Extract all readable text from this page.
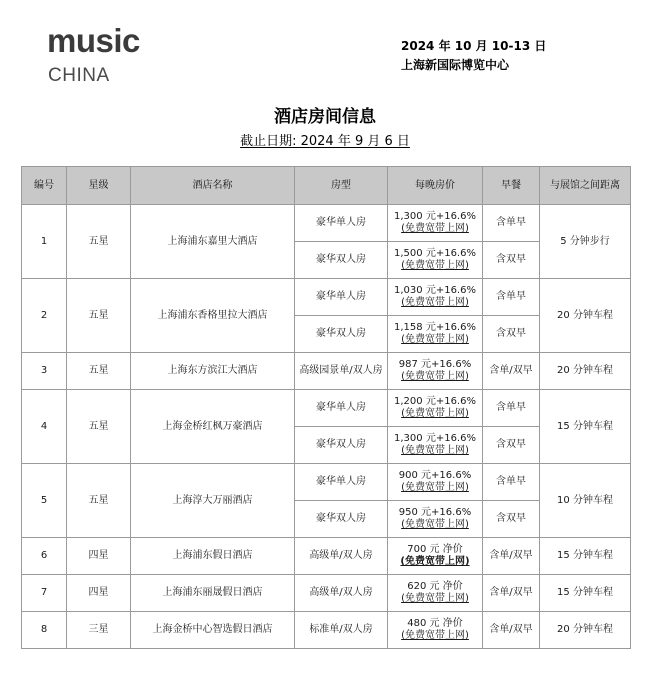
music
CHINA
2024 年 10 月 10-13 日
上海新国际博览中心
酒店房间信息
截止日期: 2024 年 9 月 6 日
编号	星级	酒店名称	房型	每晚房价	早餐	与展馆之间距离
1	五星	上海浦东嘉里大酒店	豪华单人房	1,300 元+16.6%
(免费宽带上网)	含单早	5 分钟步行
			豪华双人房	1,500 元+16.6%
(免费宽带上网)	含双早	
2	五星	上海浦东香格里拉大酒店	豪华单人房	1,030 元+16.6%
(免费宽带上网)	含单早	20 分钟车程
			豪华双人房	1,158 元+16.6%
(免费宽带上网)	含双早	
3	五星	上海东方滨江大酒店	高级园景单/双人房	987 元+16.6%
(免费宽带上网)	含单/双早	20 分钟车程
4	五星	上海金桥红枫万豪酒店	豪华单人房	1,200 元+16.6%
(免费宽带上网)	含单早	15 分钟车程
			豪华双人房	1,300 元+16.6%
(免费宽带上网)	含双早	
5	五星	上海淳大万丽酒店	豪华单人房	900 元+16.6%
(免费宽带上网)	含单早	10 分钟车程
			豪华双人房	950 元+16.6%
(免费宽带上网)	含双早	
6	四星	上海浦东假日酒店	高级单/双人房	700 元 净价
(免费宽带上网)	含单/双早	15 分钟车程
7	四星	上海浦东丽晟假日酒店	高级单/双人房	620 元 净价
(免费宽带上网)	含单/双早	15 分钟车程
8	三星	上海金桥中心智选假日酒店	标准单/双人房	480 元 净价
(免费宽带上网)	含单/双早	20 分钟车程
